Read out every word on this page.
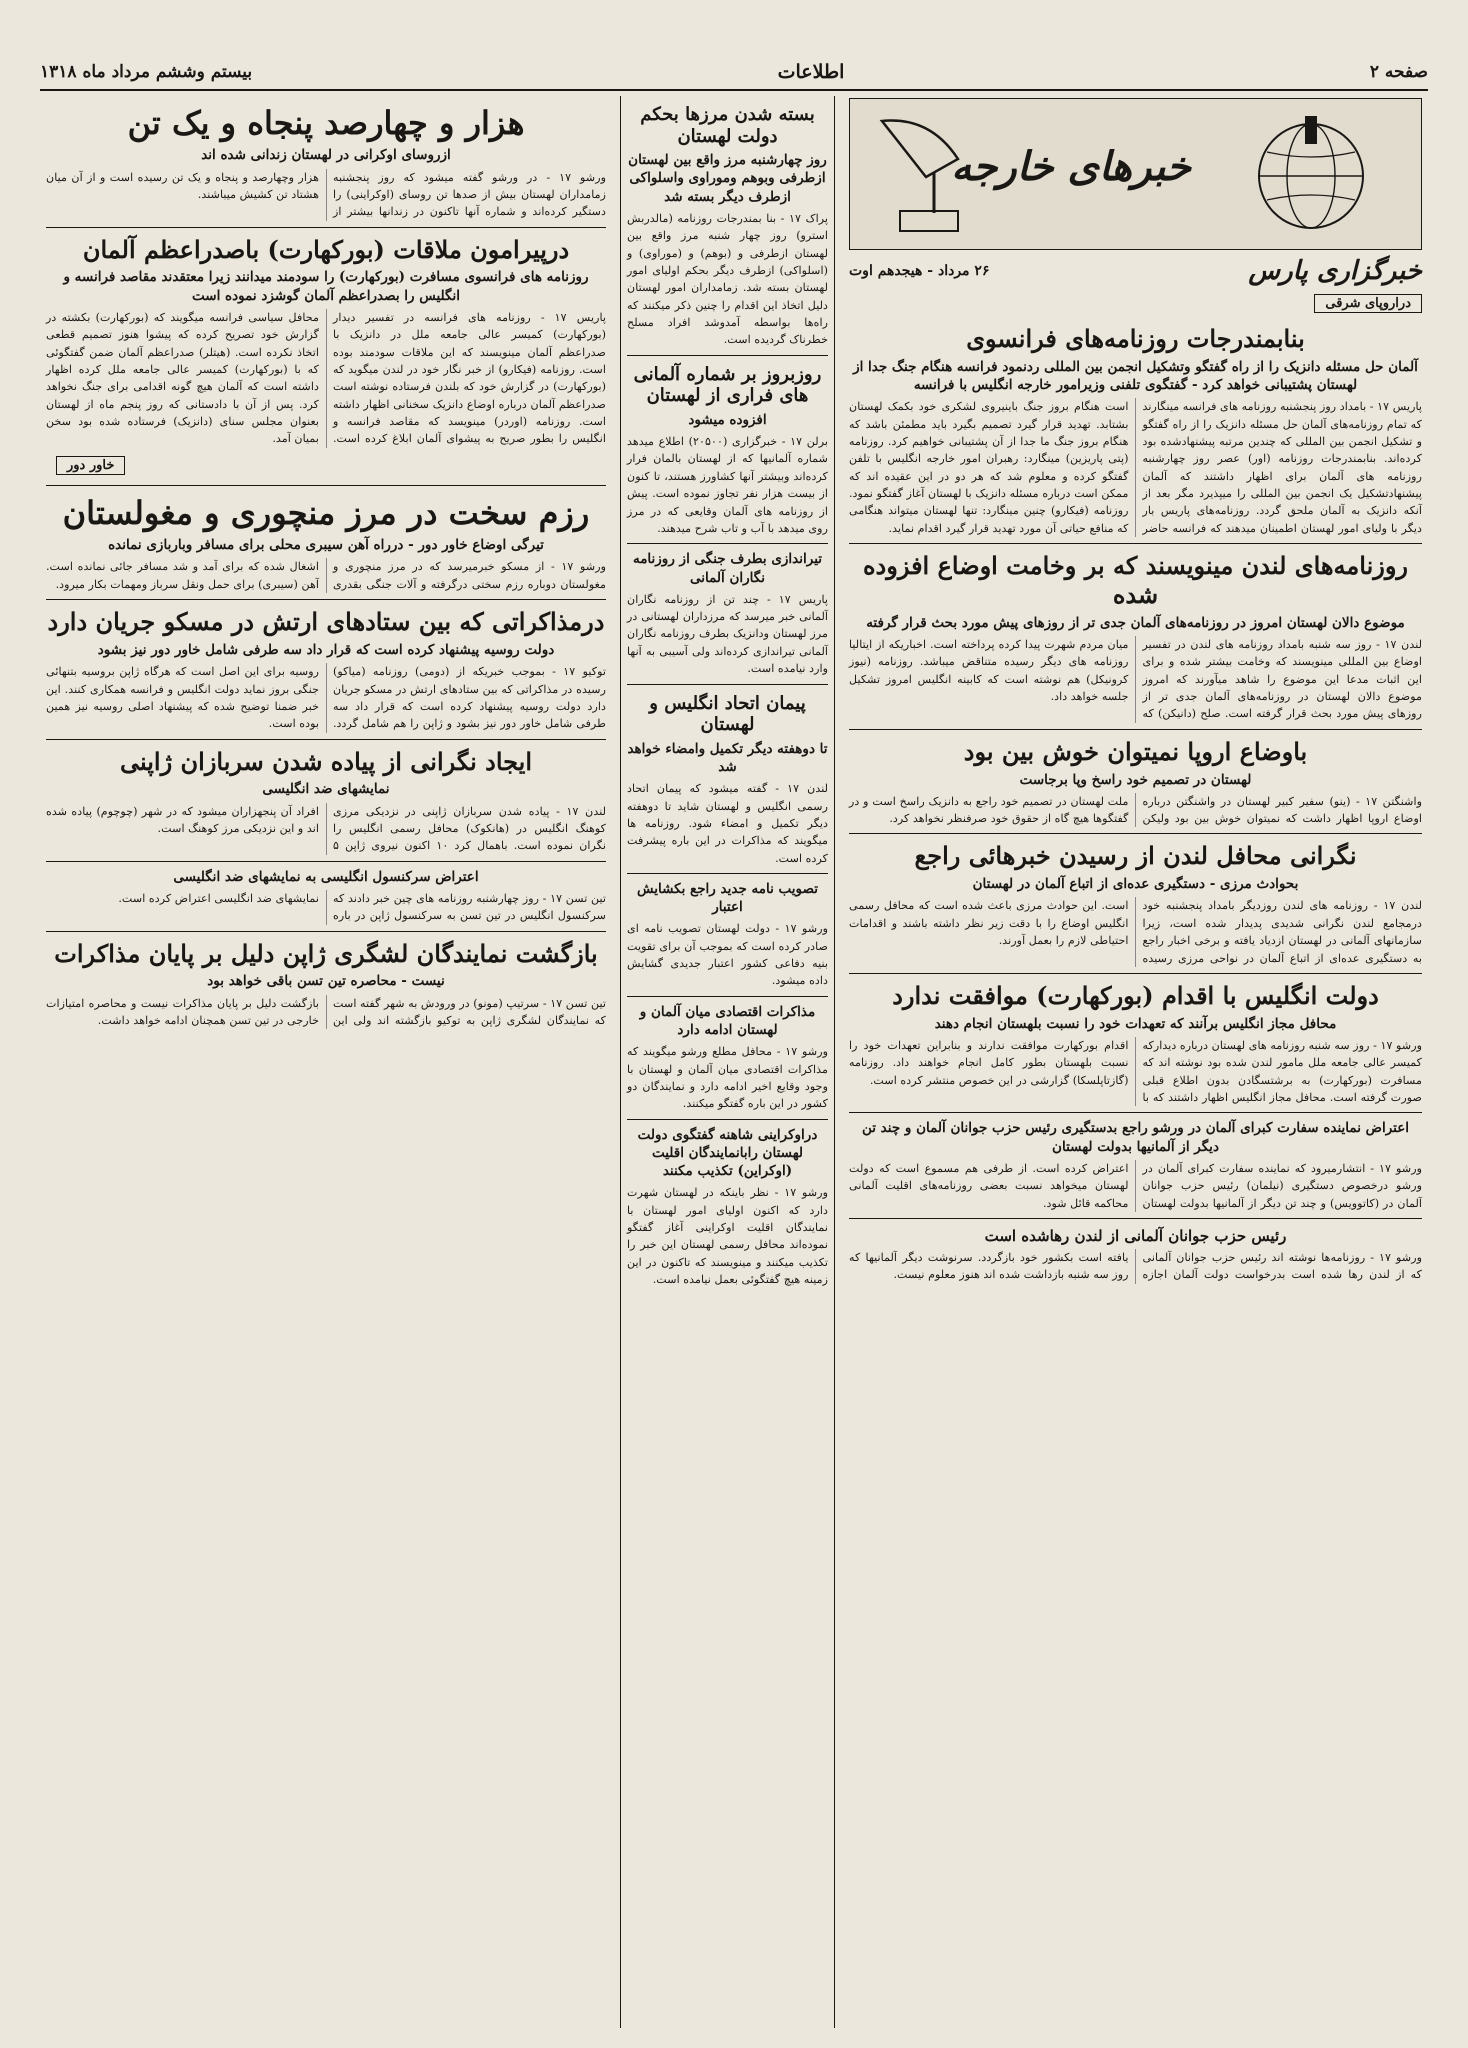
صفحه ۲
اطلاعات
بیستم وششم مرداد ماه ۱۳۱۸
خبرهای خارجه
خبرگزاری پارس
۲۶ مرداد - هیجدهم اوت
دراروپای شرقی
بنابمندرجات روزنامه‌های فرانسوی
آلمان حل مسئله دانزیک را از راه گفتگو وتشکیل انجمن بین المللی ردنمود فرانسه هنگام جنگ جدا از لهستان پشتیبانی خواهد کرد - گفتگوی تلفنی وزیرامور خارجه انگلیس با فرانسه

پاریس ۱۷ - بامداد روز پنجشنبه روزنامه های فرانسه مینگارند که تمام روزنامه‌های آلمان حل مسئله دانزیک را از راه گفتگو و تشکیل انجمن بین المللی که چندین مرتبه پیشنهادشده بود کرده‌اند. بنابمندرجات روزنامه (اور) عصر روز چهارشنبه روزنامه های آلمان برای اظهار داشتند که آلمان پیشنهادتشکیل یک انجمن بین المللی را میپذیرد مگر بعد از آنکه دانزیک به آلمان ملحق گردد. روزنامه‌های پاریس بار دیگر با ولیای امور لهستان اطمینان میدهند که فرانسه حاضر است هنگام بروز جنگ باینیروی لشکری خود بکمک لهستان بشتابد. تهدید قرار گیرد تصمیم بگیرد باید مطمئن باشد که هنگام بروز جنگ ما جدا از آن پشتیبانی خواهیم کرد. روزنامه (پتی پاریزین) مینگارد: رهبران امور خارجه انگلیس با تلفن گفتگو کرده و معلوم شد که هر دو در این عقیده اند که ممکن است درباره مسئله دانزیک با لهستان آغاز گفتگو نمود. روزنامه (فیکارو) چنین مینگارد: تنها لهستان میتواند هنگامی که منافع حیاتی آن مورد تهدید قرار گیرد اقدام نماید.

روزنامه‌های لندن مینویسند که بر وخامت اوضاع افزوده شده
موضوع دالان لهستان امروز در روزنامه‌های آلمان جدی تر از روزهای پیش مورد بحث قرار گرفته

لندن ۱۷ - روز سه شنبه بامداد روزنامه های لندن در تفسیر اوضاع بین المللی مینویسند که وخامت بیشتر شده و برای این اثبات مدعا این موضوع را شاهد میآورند که امروز موضوع دالان لهستان در روزنامه‌های آلمان جدی تر از روزهای پیش مورد بحث قرار گرفته است. صلح (دانیکن) که میان مردم شهرت پیدا کرده پرداخته است. اخباریکه از ایتالیا روزنامه های دیگر رسیده متناقض میباشد. روزنامه (نیوز کرونیکل) هم نوشته است که کابینه انگلیس امروز تشکیل جلسه خواهد داد.

باوضاع اروپا نمیتوان خوش بین بود
لهستان در تصمیم خود راسخ وپا برجاست

واشنگتن ۱۷ - (ینو) سفیر کبیر لهستان در واشنگتن درباره اوضاع اروپا اظهار داشت که نمیتوان خوش بین بود ولیکن ملت لهستان در تصمیم خود راجع به دانزیک راسخ است و در گفتگوها هیچ گاه از حقوق خود صرفنظر نخواهد کرد.

نگرانی محافل لندن از رسیدن خبرهائی راجع
بحوادث مرزی - دستگیری عده‌ای از اتباع آلمان در لهستان

لندن ۱۷ - روزنامه های لندن روزدیگر بامداد پنجشنبه خود درمجامع لندن نگرانی شدیدی پدیدار شده است، زیرا سازمانهای آلمانی در لهستان ازدیاد یافته و برخی اخبار راجع به دستگیری عده‌ای از اتباع آلمان در نواحی مرزی رسیده است. این حوادث مرزی باعث شده است که محافل رسمی انگلیس اوضاع را با دقت زیر نظر داشته باشند و اقدامات احتیاطی لازم را بعمل آورند.

دولت انگلیس با اقدام (بورکهارت) موافقت ندارد
محافل مجاز انگلیس برآنند که تعهدات خود را نسبت بلهستان انجام دهند

ورشو ۱۷ - روز سه شنبه روزنامه های لهستان درباره دیدارکه کمیسر عالی جامعه ملل مامور لندن شده بود نوشته اند که مسافرت (بورکهارت) به برشتسگادن بدون اطلاع قبلی صورت گرفته است. محافل مجاز انگلیس اظهار داشتند که با اقدام بورکهارت موافقت ندارند و بنابراین تعهدات خود را نسبت بلهستان بطور کامل انجام خواهند داد. روزنامه (گازتاپلسکا) گزارشی در این خصوص منتشر کرده است.

اعتراض نماینده سفارت کبرای آلمان در ورشو راجع بدستگیری رئیس حزب جوانان آلمان و چند تن دیگر از آلمانیها بدولت لهستان

ورشو ۱۷ - انتشارمیرود که نماینده سفارت کبرای آلمان در ورشو درخصوص دستگیری (نیلمان) رئیس حزب جوانان آلمان در (کاتوویس) و چند تن دیگر از آلمانیها بدولت لهستان اعتراض کرده است. از طرفی هم مسموع است که دولت لهستان میخواهد نسبت بعضی روزنامه‌های اقلیت آلمانی محاکمه قائل شود.

رئیس حزب جوانان آلمانی از لندن رهاشده است

ورشو ۱۷ - روزنامه‌ها نوشته اند رئیس حزب جوانان آلمانی که از لندن رها شده است بدرخواست دولت آلمان اجازه یافته است بکشور خود بازگردد. سرنوشت دیگر آلمانیها که روز سه شنبه بازداشت شده اند هنوز معلوم نیست.

بسته شدن مرزها بحکم دولت لهستان
روز چهارشنبه مرز واقع بین لهستان ازطرفی وبوهم وموراوی واسلواکی ازطرف دیگر بسته شد

پراک ۱۷ - بنا بمندرجات روزنامه (مالدربش استرو) روز چهار شنبه مرز واقع بین لهستان ازطرفی و (بوهم) و (موراوی) و (اسلواکی) ازطرف دیگر بحکم اولیای امور لهستان بسته شد. زمامداران امور لهستان دلیل اتخاذ این اقدام را چنین ذکر میکنند که راه‌ها بواسطه آمدوشد افراد مسلح خطرناک گردیده است.

روزبروز بر شماره آلمانی های فراری از لهستان
افزوده میشود

برلن ۱۷ - خبرگزاری (۲۰۵۰۰) اطلاع میدهد شماره آلمانیها که از لهستان بالمان فرار کرده‌اند وبیشتر آنها کشاورز هستند، تا کنون از بیست هزار نفر تجاوز نموده است. پیش از روزنامه های آلمان وقایعی که در مرز روی میدهد با آب و تاب شرح میدهند.

تیراندازی بطرف جنگی از روزنامه نگاران آلمانی

پاریس ۱۷ - چند تن از روزنامه نگاران آلمانی خبر میرسد که مرزداران لهستانی در مرز لهستان ودانزیک بطرف روزنامه نگاران آلمانی تیراندازی کرده‌اند ولی آسیبی به آنها وارد نیامده است.

پیمان اتحاد انگلیس و لهستان
تا دوهفته دیگر تکمیل وامضاء خواهد شد

لندن ۱۷ - گفته میشود که پیمان اتحاد رسمی انگلیس و لهستان شاید تا دوهفته دیگر تکمیل و امضاء شود. روزنامه ها میگویند که مذاکرات در این باره پیشرفت کرده است.

تصویب نامه جدید راجع بکشایش اعتبار

ورشو ۱۷ - دولت لهستان تصویب نامه ای صادر کرده است که بموجب آن برای تقویت بنیه دفاعی کشور اعتبار جدیدی گشایش داده میشود.

مذاکرات اقتصادی میان آلمان و لهستان ادامه دارد

ورشو ۱۷ - محافل مطلع ورشو میگویند که مذاکرات اقتصادی میان آلمان و لهستان با وجود وقایع اخیر ادامه دارد و نمایندگان دو کشور در این باره گفتگو میکنند.

دراوکراینی شاهنه گفتگوی دولت لهستان رابانمایندگان اقلیت (اوکراین) تکذیب مکنند

ورشو ۱۷ - نظر باینکه در لهستان شهرت دارد که اکنون اولیای امور لهستان با نمایندگان اقلیت اوکراینی آغاز گفتگو نموده‌اند محافل رسمی لهستان این خبر را تکذیب میکنند و مینویسند که تاکنون در این زمینه هیچ گفتگوئی بعمل نیامده است.

هزار و چهارصد پنجاه و یک تن
ازروسای اوکرانی در لهستان زندانی شده اند

ورشو ۱۷ - در ورشو گفته میشود که روز پنجشنبه زمامداران لهستان بیش از صدها تن روسای (اوکراینی) را دستگیر کرده‌اند و شماره آنها تاکنون در زندانها بیشتر از هزار وچهارصد و پنجاه و یک تن رسیده است و از آن میان هشتاد تن کشیش میباشند.

درپیرامون ملاقات (بورکهارت) باصدراعظم آلمان
روزنامه های فرانسوی مسافرت (بورکهارت) را سودمند میدانند زیرا معتقدند مقاصد فرانسه و انگلیس را بصدراعظم آلمان گوشزد نموده است

پاریس ۱۷ - روزنامه های فرانسه در تفسیر دیدار (بورکهارت) کمیسر عالی جامعه ملل در دانزیک با صدراعظم آلمان مینویسند که این ملاقات سودمند بوده است. روزنامه (فیکارو) از خبر نگار خود در لندن میگوید که (بورکهارت) در گزارش خود که بلندن فرستاده نوشته است صدراعظم آلمان درباره اوضاع دانزیک سخنانی اظهار داشته است. روزنامه (اوردر) مینویسد که مقاصد فرانسه و انگلیس را بطور صریح به پیشوای آلمان ابلاغ کرده است. محافل سیاسی فرانسه میگویند که (بورکهارت) بکشته در گزارش خود تصریح کرده که پیشوا هنوز تصمیم قطعی اتخاذ نکرده است. (هیتلر) صدراعظم آلمان ضمن گفتگوئی که با (بورکهارت) کمیسر عالی جامعه ملل کرده اظهار داشته است که آلمان هیچ گونه اقدامی برای جنگ نخواهد کرد. پس از آن با دادستانی که روز پنجم ماه از لهستان بعنوان مجلس سنای (دانزیک) فرستاده شده بود سخن بمیان آمد.

خاور دور
رزم سخت در مرز منچوری و مغولستان
تیرگی اوضاع خاور دور - درراه آهن سیبری محلی برای مسافر وباربازی نمانده

ورشو ۱۷ - از مسکو خبرمیرسد که در مرز منچوری و مغولستان دوباره رزم سختی درگرفته و آلات جنگی بقدری اشغال شده که برای آمد و شد مسافر جائی نمانده است. آهن (سیبری) برای حمل ونقل سرباز ومهمات بکار میرود.

درمذاکراتی که بین ستادهای ارتش در مسکو جریان دارد
دولت روسیه پیشنهاد کرده است که قرار داد سه طرفی شامل خاور دور نیز بشود

توکیو ۱۷ - بموجب خبریکه از (دومی) روزنامه (میاکو) رسیده در مذاکراتی که بین ستادهای ارتش در مسکو جریان دارد دولت روسیه پیشنهاد کرده است که قرار داد سه طرفی شامل خاور دور نیز بشود و ژاپن را هم شامل گردد. روسیه برای این اصل است که هرگاه ژاپن بروسیه بتنهائی جنگی بروز نماید دولت انگلیس و فرانسه همکاری کنند. این خبر ضمنا توضیح شده که پیشنهاد اصلی روسیه نیز همین بوده است.

ایجاد نگرانی از پیاده شدن سربازان ژاپنی
نمایشهای ضد انگلیسی

لندن ۱۷ - پیاده شدن سربازان ژاپنی در نزدیکی مرزی کوهنگ انگلیس در (هانکوک) محافل رسمی انگلیس را نگران نموده است. باهمال کرد ۱۰ اکنون نیروی ژاپن ۵ افراد آن پنجهزاران میشود که در شهر (چوچوم) پیاده شده اند و این نزدیکی مرز کوهنگ است.

اعتراض سرکنسول انگلیسی به نمایشهای ضد انگلیسی

تین تسن ۱۷ - روز چهارشنبه روزنامه های چین خبر دادند که سرکنسول انگلیس در تین تسن به سرکنسول ژاپن در باره نمایشهای ضد انگلیسی اعتراض کرده است.

بازگشت نمایندگان لشگری ژاپن دلیل بر پایان مذاکرات
نیست - محاصره تین تسن باقی خواهد بود

تین تسن ۱۷ - سرتیپ (مونو) در ورودش به شهر گفته است که نمایندگان لشگری ژاپن به توکیو بازگشته اند ولی این بازگشت دلیل بر پایان مذاکرات نیست و محاصره امتیازات خارجی در تین تسن همچنان ادامه خواهد داشت.
